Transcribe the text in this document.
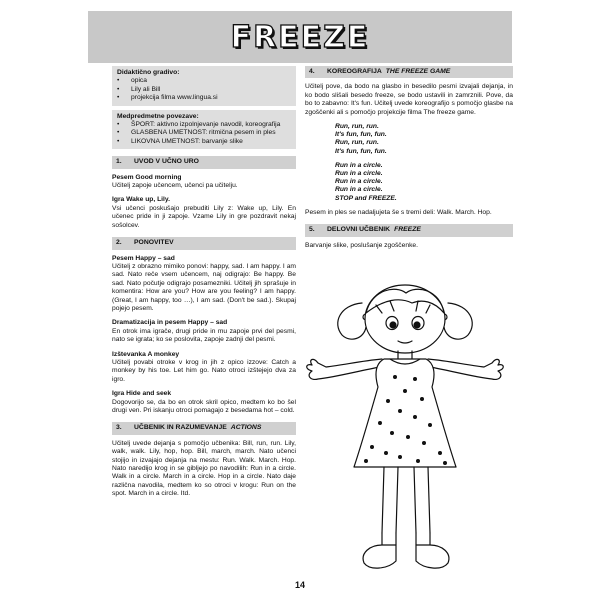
FREEZE
Didaktično gradivo:
•	opica
•	Lily ali Bill
•	projekcija filma www.lingua.si
Medpredmetne povezave:
•	ŠPORT: aktivno izpolnjevanje navodil, koreografija
•	GLASBENA UMETNOST: ritmična pesem in ples
•	LIKOVNA UMETNOST: barvanje slike
1.	UVOD V UČNO URO
Pesem Good morning

Učitelj zapoje učencem, učenci pa učitelju.

Igra Wake up, Lily.

Vsi učenci poskušajo prebuditi Lily z: Wake up, Lily. En učenec pride in ji zapoje. Vzame Lily in gre pozdravit nekaj sošolcev.

2.	PONOVITEV
Pesem Happy – sad

Učitelj z obrazno mimiko ponovi: happy, sad. I am happy. I am sad. Nato reče vsem učencem, naj odigrajo: Be happy. Be sad. Nato počutje odigrajo posamezniki. Učitelj jih sprašuje in komentira: How are you? How are you feeling? I am happy. (Great, I am happy, too …), I am sad. (Don't be sad.). Skupaj pojejo pesem.

Dramatizacija in pesem Happy – sad

En otrok ima igrače, drugi pride in mu zapoje prvi del pesmi, nato se igrata; ko se poslovita, zapoje zadnji del pesmi.

Izštevanka A monkey

Učitelj povabi otroke v krog in jih z opico izzove: Catch a monkey by his toe. Let him go. Nato otroci izštejejo dva za igro.

Igra Hide and seek

Dogovorijo se, da bo en otrok skril opico, medtem ko bo šel drugi ven. Pri iskanju otroci pomagajo z besedama hot – cold.

3.	UČBENIK IN RAZUMEVANJE ACTIONS

Učitelj uvede dejanja s pomočjo učbenika: Bill, run, run. Lily, walk, walk. Lily, hop, hop. Bill, march, march. Nato učenci stojijo in izvajajo dejanja na mestu: Run. Walk. March. Hop. Nato naredijo krog in se gibljejo po navodilih: Run in a circle. Walk in a circle. March in a circle. Hop in a circle. Nato daje različna navodila, medtem ko so otroci v krogu: Run on the spot. March in a circle. Itd.

4.	KOREOGRAFIJA THE FREEZE GAME

Učitelj pove, da bodo na glasbo in besedilo pesmi izvajali dejanja, in ko bodo slišali besedo freeze, se bodo ustavili in zamrznili. Pove, da bo to zabavno: It's fun. Učitelj uvede koreografijo s pomočjo glasbe na zgoščenki ali s pomočjo projekcije filma The freeze game.

Run, run, run.
It's fun, fun, fun.
Run, run, run.
It's fun, fun, fun.
Run in a circle.
Run in a circle.
Run in a circle.
Run in a circle.
STOP and FREEZE.

Pesem in ples se nadaljujeta še s tremi deli: Walk. March. Hop.

5.	DELOVNI UČBENIK FREEZE

Barvanje slike, poslušanje zgoščenke.

14
